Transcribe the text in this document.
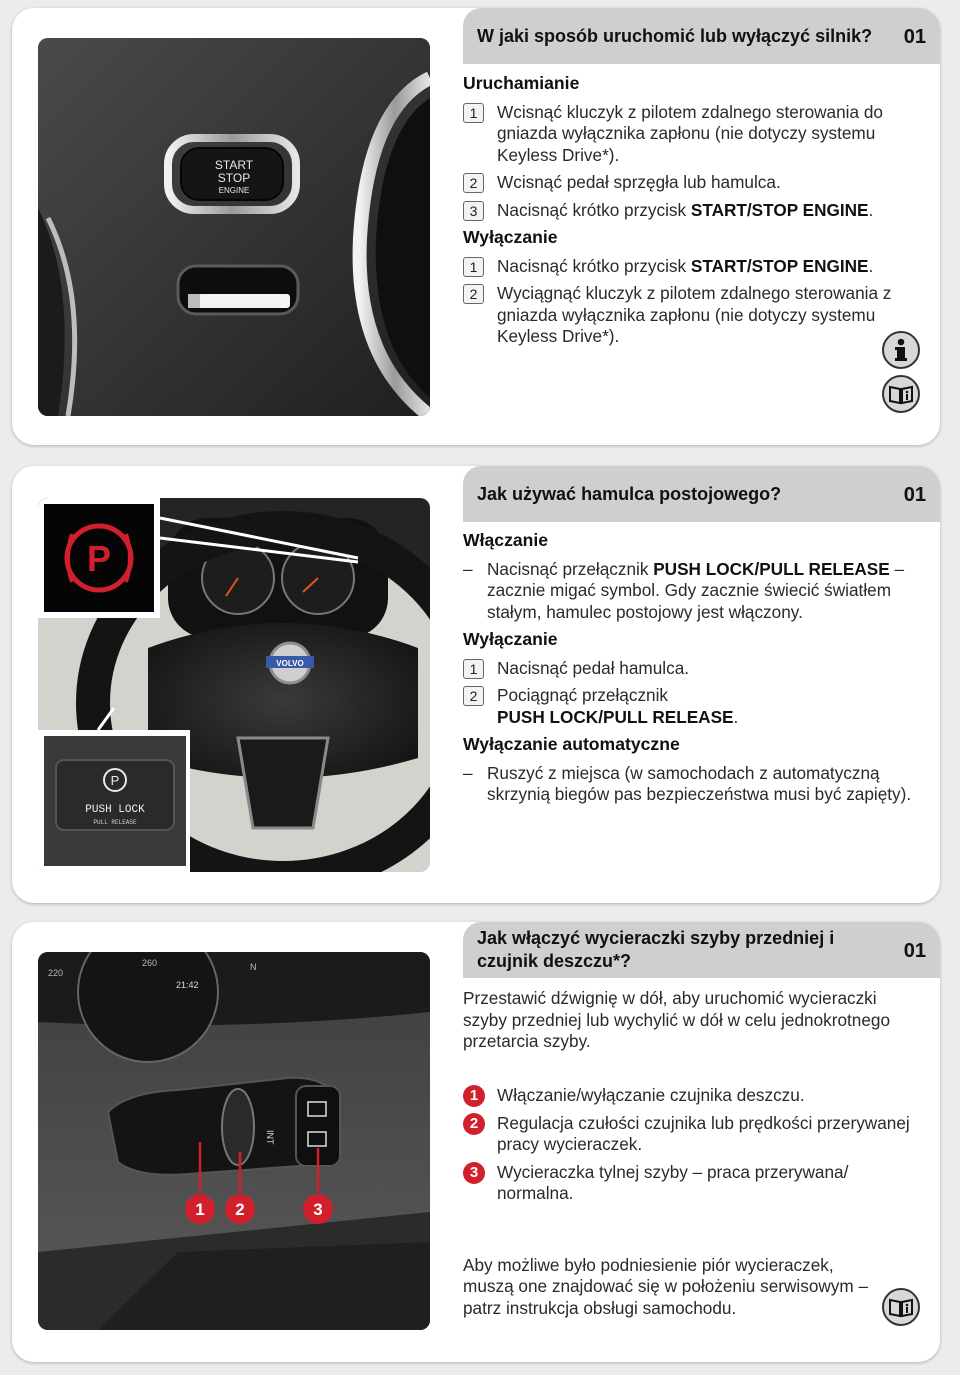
START
STOP
ENGINE
W jaki sposób uruchomić lub wyłączyć silnik? 01
Uruchamianie
1	Wcisnąć kluczyk z pilotem zdalnego sterowania do gniazda wyłącznika zapłonu (nie dotyczy systemu Keyless Drive*).
2	Wcisnąć pedał sprzęgła lub hamulca.
3	Nacisnąć krótko przycisk START/STOP ENGINE.
Wyłączanie
1	Nacisnąć krótko przycisk START/STOP ENGINE.
2	Wyciągnąć kluczyk z pilotem zdalnego sterowania z gniazda wyłącznika zapłonu (nie dotyczy systemu Keyless Drive*).
VOLVO
P
P
PUSH LOCK
PULL RELEASE
Jak używać hamulca postojowego?	01
Włączanie
– Nacisnąć przełącznik PUSH LOCK/PULL RELEASE – zacznie migać symbol. Gdy zacznie świecić światłem stałym, hamulec postojowy jest włączony.
Wyłączanie
1	Nacisnąć pedał hamulca.
2	Pociągnąć przełącznik
PUSH LOCK/PULL RELEASE.
Wyłączanie automatyczne
– Ruszyć z miejsca (w samochodach z automatyczną skrzynią biegów pas bezpieczeństwa musi być zapięty).
220
260
21:42
N
INT
1 2	3
Jak włączyć wycieraczki szyby przedniej i
czujnik deszczu*?	01
Przestawić dźwignię w dół, aby uruchomić wycieraczki szyby przedniej lub wychylić w dół w celu jednokrotnego przetarcia szyby.
1	Włączanie/wyłączanie czujnika deszczu.
2	Regulacja czułości czujnika lub prędkości przerywanej pracy wycieraczek.
3	Wycieraczka tylnej szyby – praca przerywana/ normalna.
Aby możliwe było podniesienie piór wycieraczek, muszą one znajdować się w położeniu serwisowym – patrz instrukcja obsługi samochodu.
